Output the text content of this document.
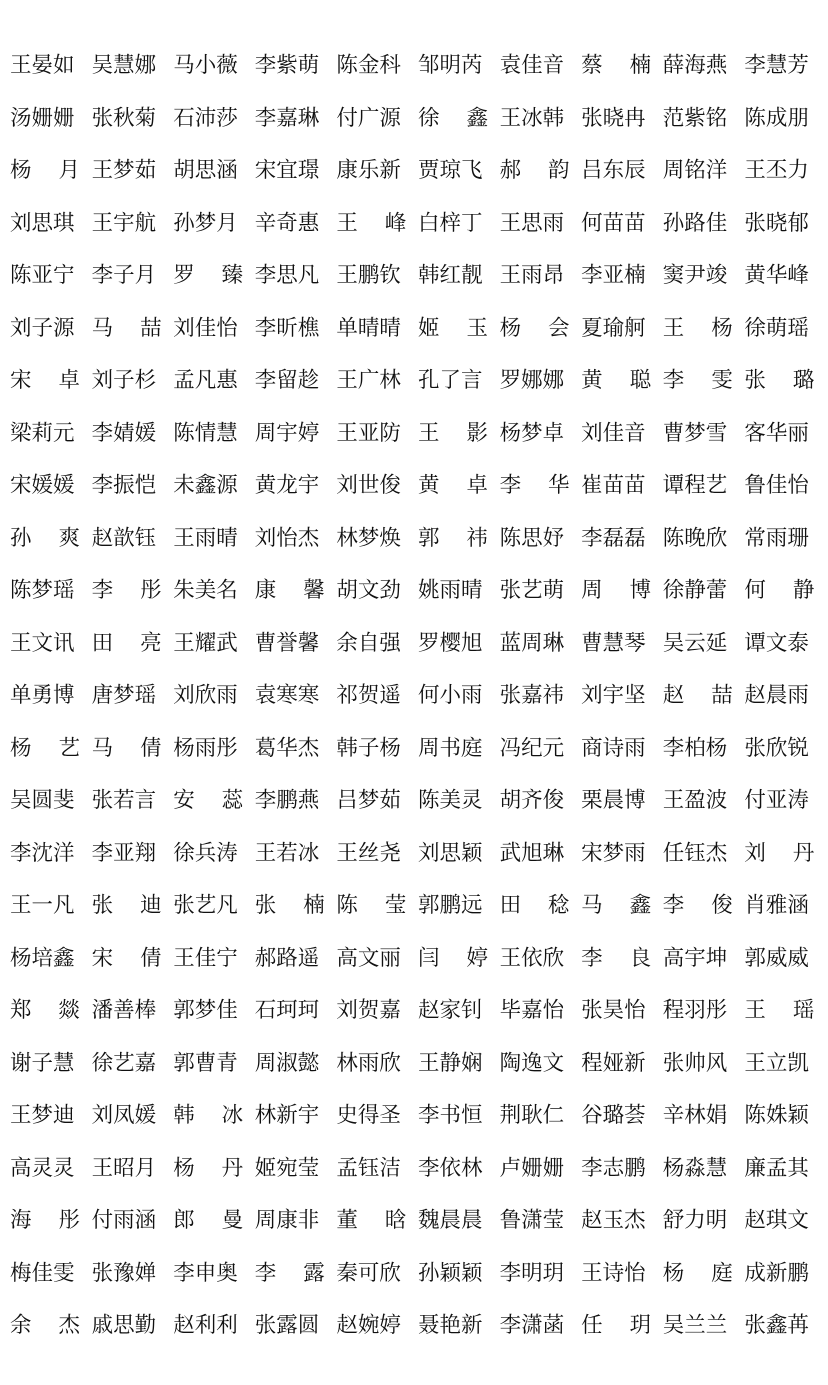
王晏如 吴慧娜 马小薇 李紫萌 陈金科 邹明芮 袁佳音 蔡楠 薛海燕 李慧芳
汤姗姗 张秋菊 石沛莎 李嘉琳 付广源 徐鑫 王冰韩 张晓冉 范紫铭 陈成朋
杨月 王梦茹 胡思涵 宋宜璟 康乐新 贾琼飞 郝韵 吕东辰 周铭洋 王丕力
刘思琪 王宇航 孙梦月 辛奇惠 王峰 白梓丁 王思雨 何苗苗 孙路佳 张晓郁
陈亚宁 李子月 罗臻 李思凡 王鹏钦 韩红靓 王雨昂 李亚楠 窦尹竣 黄华峰
刘子源 马喆 刘佳怡 李昕樵 单晴晴 姬玉 杨会 夏瑜舸 王杨 徐萌瑶
宋卓 刘子杉 孟凡惠 李留趁 王广林 孔了言 罗娜娜 黄聪 李雯 张璐
梁莉元 李婧媛 陈情慧 周宇婷 王亚防 王影 杨梦卓 刘佳音 曹梦雪 客华丽
宋媛媛 李振恺 未鑫源 黄龙宇 刘世俊 黄卓 李华 崔苗苗 谭程艺 鲁佳怡
孙爽 赵歆钰 王雨晴 刘怡杰 林梦焕 郭祎 陈思妤 李磊磊 陈晚欣 常雨珊
陈梦瑶 李彤 朱美名 康馨 胡文劲 姚雨晴 张艺萌 周博 徐静蕾 何静
王文讯 田亮 王耀武 曹誉馨 余自强 罗樱旭 蓝周琳 曹慧琴 吴云延 谭文泰
单勇博 唐梦瑶 刘欣雨 袁寒寒 祁贺遥 何小雨 张嘉祎 刘宇坚 赵喆 赵晨雨
杨艺 马倩 杨雨彤 葛华杰 韩子杨 周书庭 冯纪元 商诗雨 李柏杨 张欣锐
吴圆斐 张若言 安蕊 李鹏燕 吕梦茹 陈美灵 胡齐俊 栗晨博 王盈波 付亚涛
李沈洋 李亚翔 徐兵涛 王若冰 王丝尧 刘思颖 武旭琳 宋梦雨 任钰杰 刘丹
王一凡 张迪 张艺凡 张楠 陈莹 郭鹏远 田稔 马鑫 李俊 肖雅涵
杨培鑫 宋倩 王佳宁 郝路遥 高文丽 闫婷 王依欣 李良 高宇坤 郭威威
郑燚 潘善棒 郭梦佳 石珂珂 刘贺嘉 赵家钊 毕嘉怡 张昊怡 程羽彤 王瑶
谢子慧 徐艺嘉 郭曹青 周淑懿 林雨欣 王静娴 陶逸文 程娅新 张帅风 王立凯
王梦迪 刘凤媛 韩冰 林新宇 史得圣 李书恒 荆耿仁 谷璐荟 辛林娟 陈姝颖
高灵灵 王昭月 杨丹 姬宛莹 孟钰洁 李依林 卢姗姗 李志鹏 杨淼慧 廉孟其
海彤 付雨涵 郎曼 周康非 董晗 魏晨晨 鲁潇莹 赵玉杰 舒力明 赵琪文
梅佳雯 张豫婵 李申奥 李露 秦可欣 孙颖颖 李明玥 王诗怡 杨庭 成新鹏
余杰 戚思勤 赵利利 张露圆 赵婉婷 聂艳新 李潇菡 任玥 吴兰兰 张鑫苒
